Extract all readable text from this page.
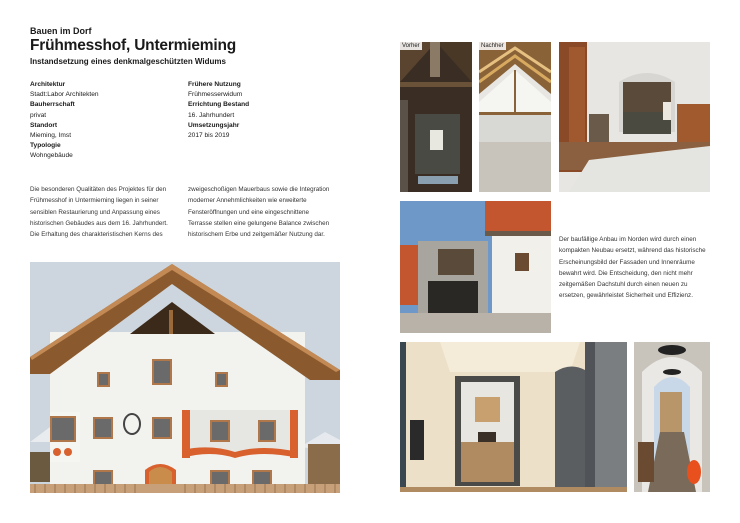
Bauen im Dorf
Frühmesshof, Untermieming
Instandsetzung eines denkmalgeschützten Widums
Architektur
Stadt:Labor Architekten
Bauherrschaft
privat
Standort
Mieming, Imst
Typologie
Wohngebäude
Frühere Nutzung
Frühmesserwidum
Errichtung Bestand
16. Jahrhundert
Umsetzungsjahr
2017 bis 2019
Die besonderen Qualitäten des Projektes für den
Frühmesshof in Untermieming liegen in seiner
sensiblen Restaurierung und Anpassung eines
historischen Gebäudes aus dem 16. Jahrhundert.
Die Erhaltung des charakteristischen Kerns des
zweigeschoßigen Mauerbaus sowie die Integration
moderner Annehmlichkeiten wie erweiterte
Fensteröffnungen und eine eingeschnittene
Terrasse stellen eine gelungene Balance zwischen
historischem Erbe und zeitgemäßer Nutzung dar.
Der baufällige Anbau im Norden wird durch einen
kompakten Neubau ersetzt, während das historische
Erscheinungsbild der Fassaden und Innenräume
bewahrt wird. Die Entscheidung, den nicht mehr
zeitgemäßen Dachstuhl durch einen neuen zu
ersetzen, gewährleistet Sicherheit und Effizienz.
Vorher	Nachher
